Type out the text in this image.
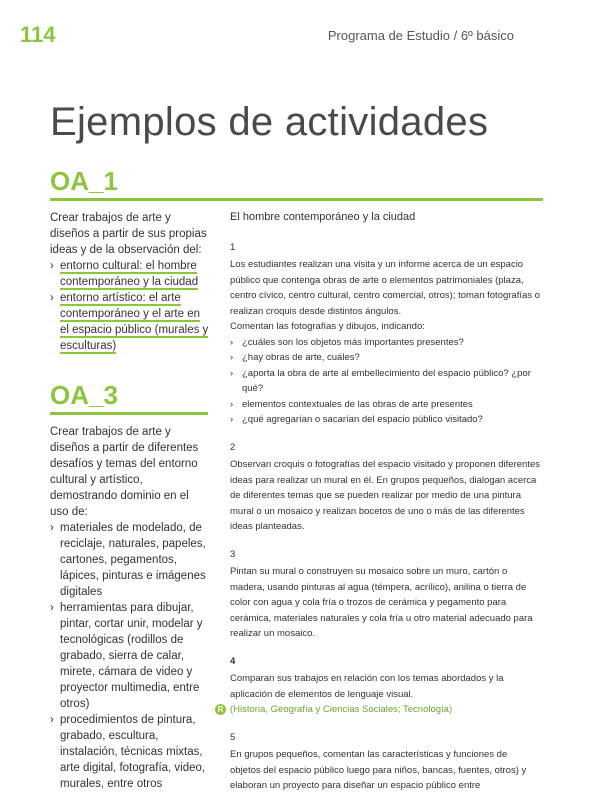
114	Programa de Estudio / 6º básico
Ejemplos de actividades
OA_1
Crear trabajos de arte y diseños a partir de sus propias ideas y de la observación del:
› entorno cultural: el hombre contemporáneo y la ciudad
› entorno artístico: el arte contemporáneo y el arte en el espacio público (murales y esculturas)
OA_3
Crear trabajos de arte y diseños a partir de diferentes desafíos y temas del entorno cultural y artístico, demostrando dominio en el uso de:
› materiales de modelado, de reciclaje, naturales, papeles, cartones, pegamentos, lápices, pinturas e imágenes digitales
› herramientas para dibujar, pintar, cortar unir, modelar y tecnológicas (rodillos de grabado, sierra de calar, mirete, cámara de video y proyector multimedia, entre otros)
› procedimientos de pintura, grabado, escultura, instalación, técnicas mixtas, arte digital, fotografía, video, murales, entre otros

El hombre contemporáneo y la ciudad

1

Los estudiantes realizan una visita y un informe acerca de un espacio público que contenga obras de arte o elementos patrimoniales (plaza, centro cívico, centro cultural, centro comercial, otros); toman fotografías o realizan croquis desde distintos ángulos.

Comentan las fotografías y dibujos, indicando:

› ¿cuáles son los objetos más importantes presentes?
› ¿hay obras de arte, cuáles?
› ¿aporta la obra de arte al embellecimiento del espacio público? ¿por qué?
› elementos contextuales de las obras de arte presentes
› ¿qué agregarían o sacarían del espacio público visitado?

2

Observan croquis o fotografías del espacio visitado y proponen diferentes ideas para realizar un mural en él. En grupos pequeños, dialogan acerca de diferentes temas que se pueden realizar por medio de una pintura mural o un mosaico y realizan bocetos de uno o más de las diferentes ideas planteadas.

3

Pintan su mural o construyen su mosaico sobre un muro, cartón o madera, usando pinturas al agua (témpera, acrílico), anilina o tierra de color con agua y cola fría o trozos de cerámica y pegamento para cerámica, materiales naturales y cola fría u otro material adecuado para realizar un mosaico.

4

Comparan sus trabajos en relación con los temas abordados y la aplicación de elementos de lenguaje visual.

R (Historia, Geografía y Ciencias Sociales; Tecnología)

5

En grupos pequeños, comentan las características y funciones de objetos del espacio público luego para niños, bancas, fuentes, otros) y elaboran un proyecto para diseñar un espacio público entre
